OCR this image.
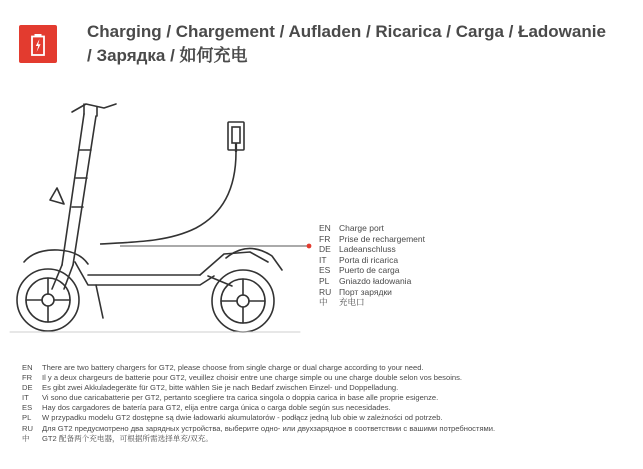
Charging / Chargement / Aufladen / Ricarica / Carga / Ładowanie
/ Зарядка / 如何充电
EN Charge port
FR Prise de rechargement
DE Ladeanschluss
IT Porta di ricarica
ES Puerto de carga
PL Gniazdo ładowania
RU Порт зарядки
中 充电口
EN There are two battery chargers for GT2, please choose from single charge or dual charge according to your need.
FR Il y a deux chargeurs de batterie pour GT2, veuillez choisir entre une charge simple ou une charge double selon vos besoins.
DE Es gibt zwei Akkuladegeräte für GT2, bitte wählen Sie je nach Bedarf zwischen Einzel- und Doppelladung.
IT Vi sono due caricabatterie per GT2, pertanto scegliere tra carica singola o doppia carica in base alle proprie esigenze.
ES Hay dos cargadores de batería para GT2, elija entre carga única o carga doble según sus necesidades.
PL W przypadku modelu GT2 dostępne są dwie ładowarki akumulatorów - podłącz jedną lub obie w zależności od potrzeb.
RU Для GT2 предусмотрено два зарядных устройства, выберите одно- или двухзарядное в соответствии с вашими потребностями.
中 GT2 配备两个充电器，可根据所需选择单充/双充。
